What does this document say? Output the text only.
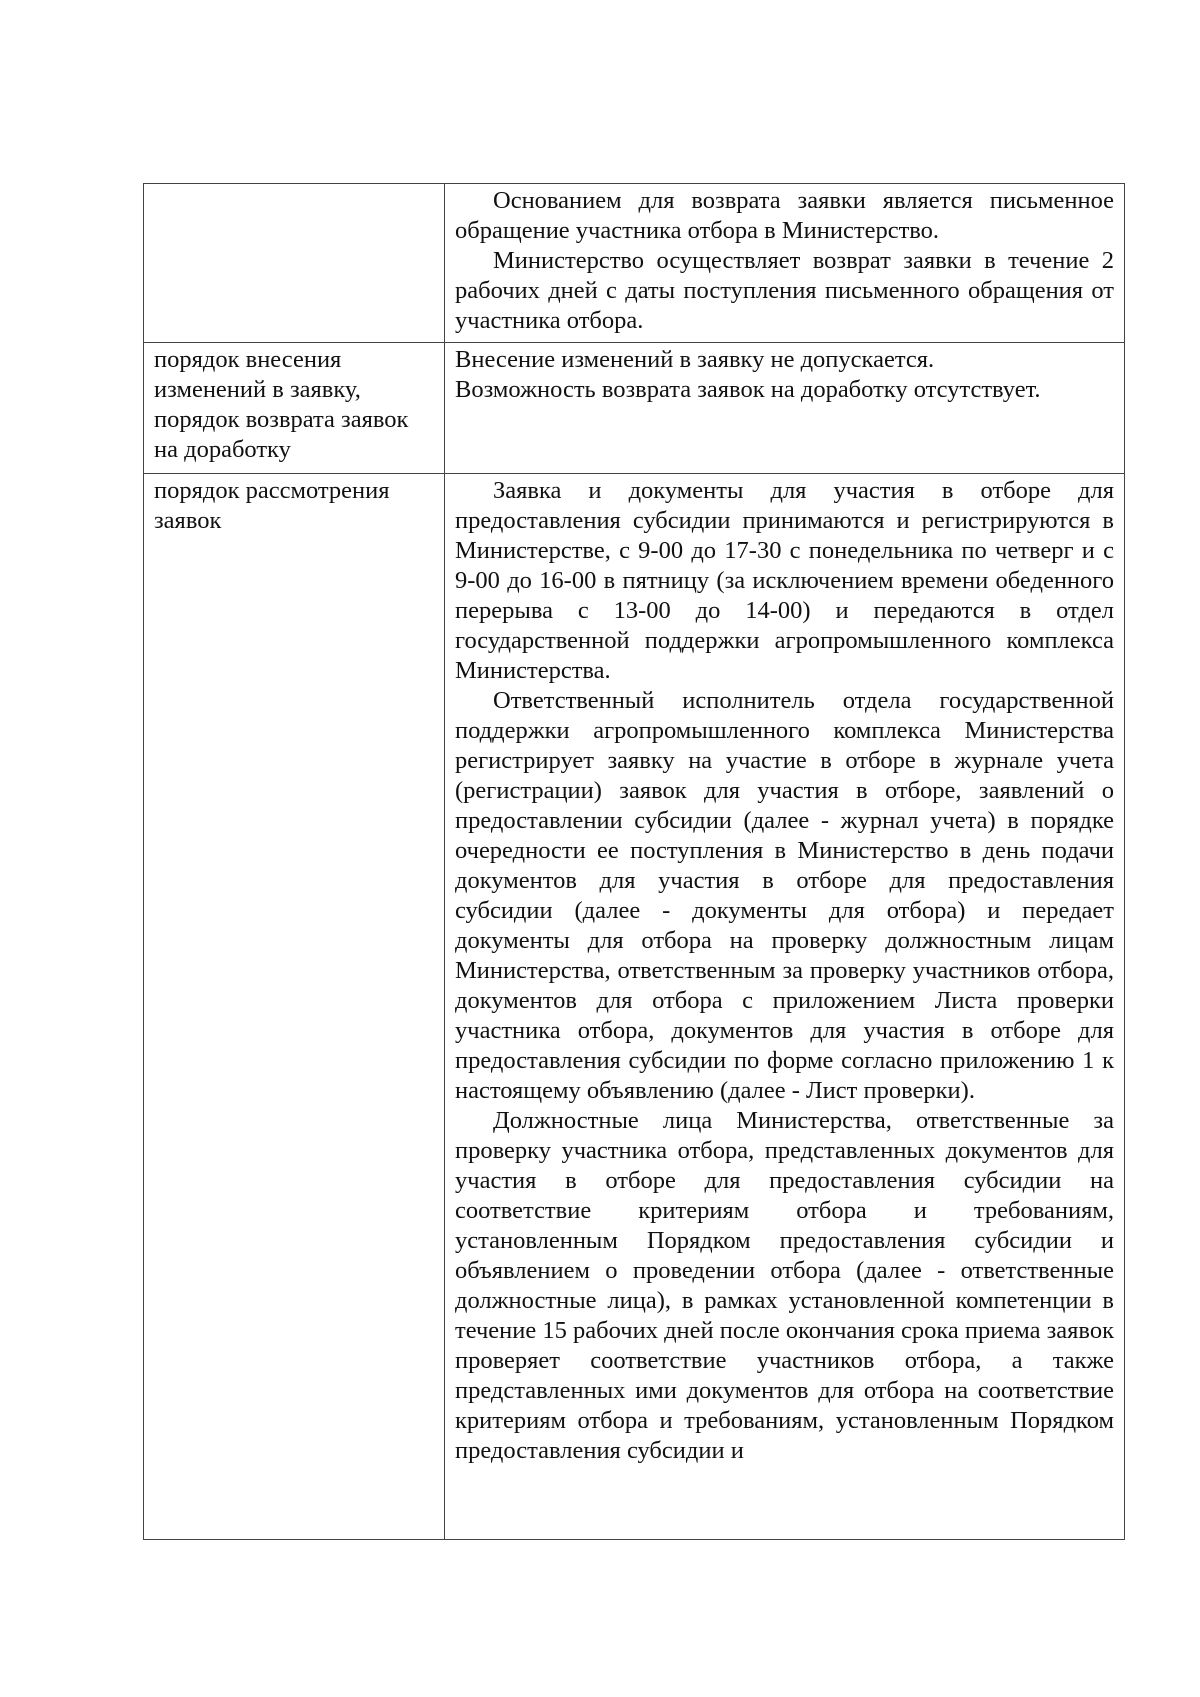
	Основанием для возврата заявки является письменное обращение участника отбора в Министерство.

Министерство осуществляет возврат заявки в течение 2 рабочих дней с даты поступления письменного обращения от участника отбора.

порядок внесения изменений в заявку, порядок возврата заявок на доработку	Внесение изменений в заявку не допускается.

Возможность возврата заявок на доработку отсутствует.

порядок рассмотрения заявок	Заявка и документы для участия в отборе для предоставления субсидии принимаются и регистрируются в Министерстве, с 9-00 до 17-30 с понедельника по четверг и с 9-00 до 16-00 в пятницу (за исключением времени обеденного перерыва с 13-00 до 14-00) и передаются в отдел государственной поддержки агропромышленного комплекса Министерства.

Ответственный исполнитель отдела государственной поддержки агропромышленного комплекса Министерства регистрирует заявку на участие в отборе в журнале учета (регистрации) заявок для участия в отборе, заявлений о предоставлении субсидии (далее - журнал учета) в порядке очередности ее поступления в Министерство в день подачи документов для участия в отборе для предоставления субсидии (далее - документы для отбора) и передает документы для отбора на проверку должностным лицам Министерства, ответственным за проверку участников отбора, документов для отбора с приложением Листа проверки участника отбора, документов для участия в отборе для предоставления субсидии по форме согласно приложению 1 к настоящему объявлению (далее - Лист проверки).

Должностные лица Министерства, ответственные за проверку участника отбора, представленных документов для участия в отборе для предоставления субсидии на соответствие критериям отбора и требованиям, установленным Порядком предоставления субсидии и объявлением о проведении отбора (далее - ответственные должностные лица), в рамках установленной компетенции в течение 15 рабочих дней после окончания срока приема заявок проверяет соответствие участников отбора, а также представленных ими документов для отбора на соответствие критериям отбора и требованиям, установленным Порядком предоставления субсидии и
